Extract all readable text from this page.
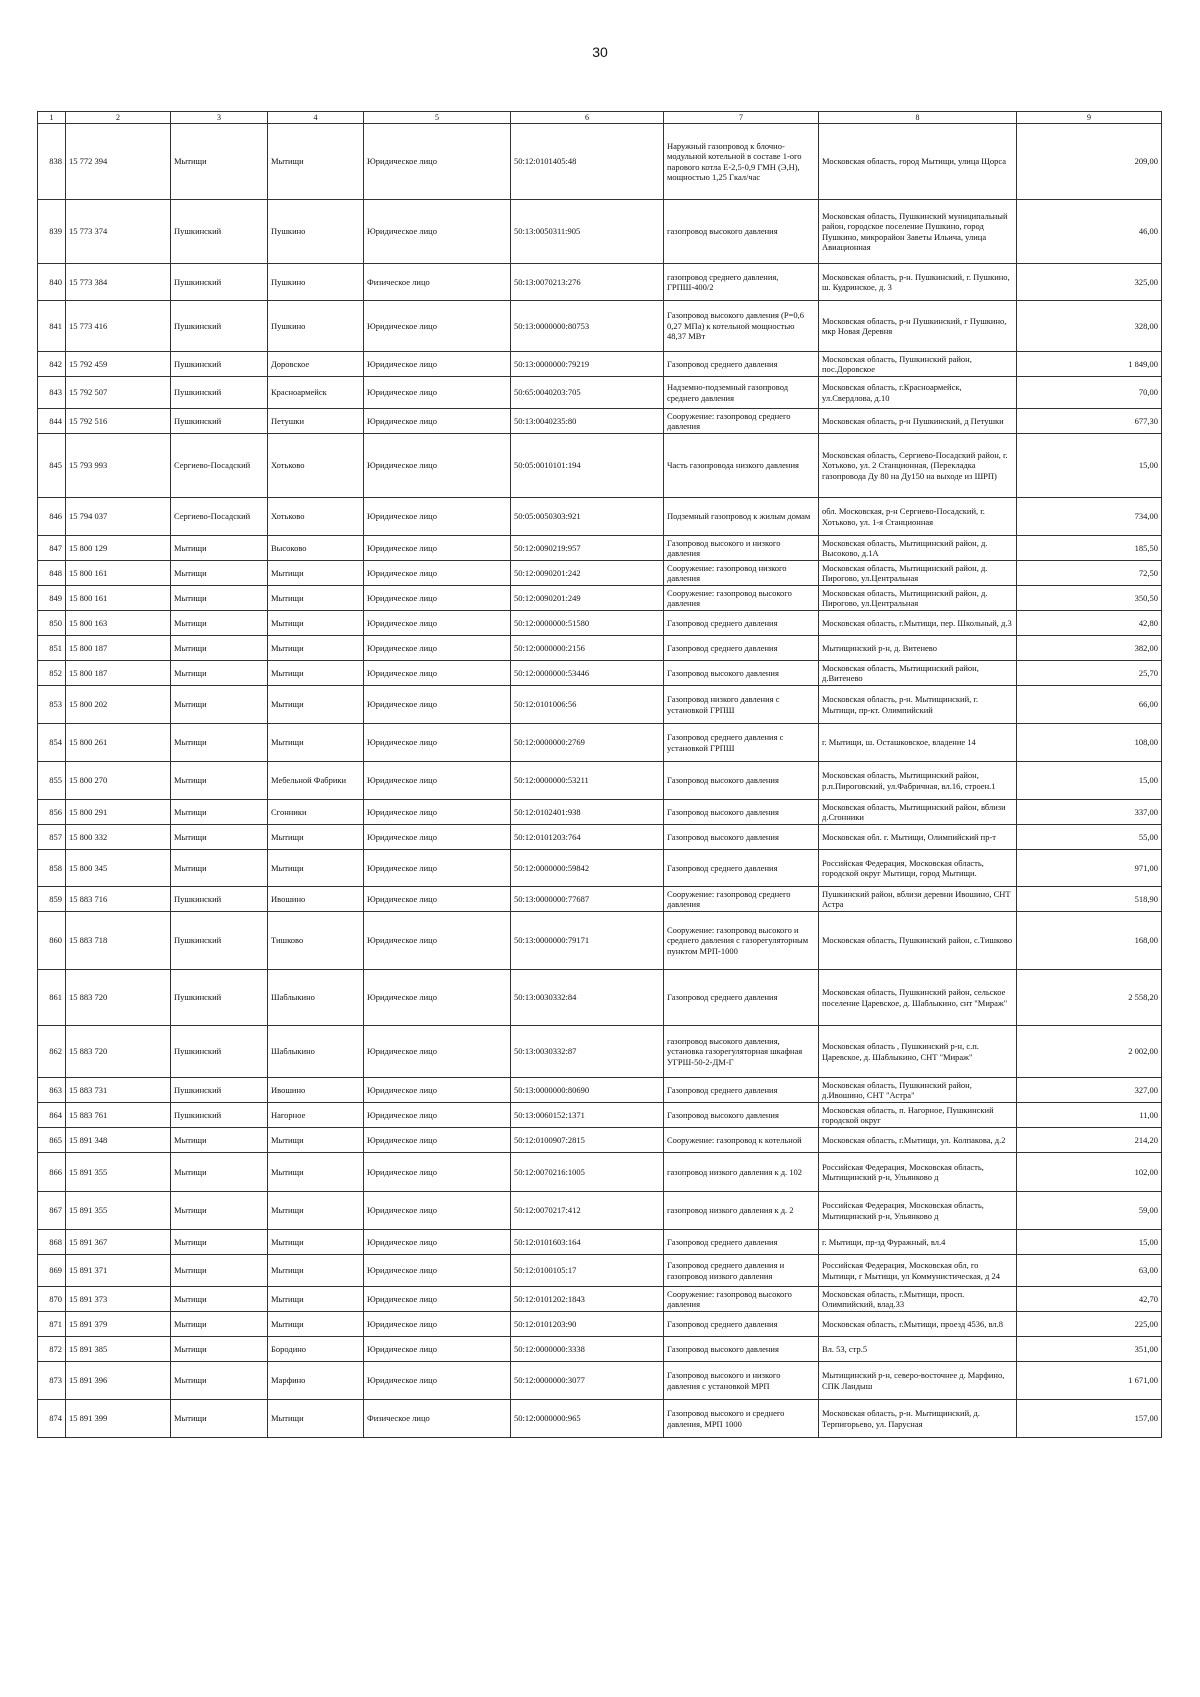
30
1	2	3	4	5	6	7	8	9
838	15 772 394	Мытищи	Мытищи	Юридическое лицо	50:12:0101405:48	Наружный газопровод к блочно-модульной котельной в составе 1-ого парового котла Е-2,5-0,9 ГМН (Э,Н), мощностью 1,25 Гкал/час	Московская область, город Мытищи, улица Щорса	209,00
839	15 773 374	Пушкинский	Пушкино	Юридическое лицо	50:13:0050311:905	газопровод высокого давления	Московская область, Пушкинский муниципальный район, городское поселение Пушкино, город Пушкино, микрорайон Заветы Ильича, улица Авиационная	46,00
840	15 773 384	Пушкинский	Пушкино	Физическое лицо	50:13:0070213:276	газопровод среднего давления, ГРПШ-400/2	Московская область, р-н. Пушкинский, г. Пушкино, ш. Кудринское, д. 3	325,00
841	15 773 416	Пушкинский	Пушкино	Юридическое лицо	50:13:0000000:80753	Газопровод высокого давления (Р=0,6 0,27 МПа) к котельной мощностью 48,37 МВт	Московская область, р-н Пушкинский, г Пушкино, мкр Новая Деревня	328,00
842	15 792 459	Пушкинский	Доровское	Юридическое лицо	50:13:0000000:79219	Газопровод среднего давления	Московская область, Пушкинский район, пос.Доровское	1 849,00
843	15 792 507	Пушкинский	Красноармейск	Юридическое лицо	50:65:0040203:705	Надземно-подземный газопровод среднего давления	Московская область, г.Красноармейск, ул.Свердлова, д.10	70,00
844	15 792 516	Пушкинский	Петушки	Юридическое лицо	50:13:0040235:80	Сооружение: газопровод среднего давления	Московская область, р-н Пушкинский, д Петушки	677,30
845	15 793 993	Сергиево-Посадский	Хотьково	Юридическое лицо	50:05:0010101:194	Часть газопровода низкого давления	Московская область, Сергиево-Посадский район, г. Хотьково, ул. 2 Станционная, (Перекладка газопровода Ду 80 на Ду150 на выходе из ШРП)	15,00
846	15 794 037	Сергиево-Посадский	Хотьково	Юридическое лицо	50:05:0050303:921	Подземный газопровод к жилым домам	обл. Московская, р-н Сергиево-Посадский, г. Хотьково, ул. 1-я Станционная	734,00
847	15 800 129	Мытищи	Высоково	Юридическое лицо	50:12:0090219:957	Газопровод высокого и низкого давления	Московская область, Мытищинский район, д. Высоково, д.1А	185,50
848	15 800 161	Мытищи	Мытищи	Юридическое лицо	50:12:0090201:242	Сооружение: газопровод низкого давления	Московская область, Мытищинский район, д. Пирогово, ул.Центральная	72,50
849	15 800 161	Мытищи	Мытищи	Юридическое лицо	50:12:0090201:249	Сооружение: газопровод высокого давления	Московская область, Мытищинский район, д. Пирогово, ул.Центральная	350,50
850	15 800 163	Мытищи	Мытищи	Юридическое лицо	50:12:0000000:51580	Газопровод среднего давления	Московская область, г.Мытищи, пер. Школьный, д.3	42,80
851	15 800 187	Мытищи	Мытищи	Юридическое лицо	50:12:0000000:2156	Газопровод среднего давления	Мытищинский р-н, д. Витенево	382,00
852	15 800 187	Мытищи	Мытищи	Юридическое лицо	50:12:0000000:53446	Газопровод высокого давления	Московская область, Мытищинский район, д.Витенево	25,70
853	15 800 202	Мытищи	Мытищи	Юридическое лицо	50:12:0101006:56	Газопровод низкого давления с установкой ГРПШ	Московская область, р-н. Мытищинский, г. Мытищи, пр-кт. Олимпийский	66,00
854	15 800 261	Мытищи	Мытищи	Юридическое лицо	50:12:0000000:2769	Газопровод среднего давления с установкой ГРПШ	г. Мытищи, ш. Осташковское, владение 14	108,00
855	15 800 270	Мытищи	Мебельной Фабрики	Юридическое лицо	50:12:0000000:53211	Газопровод высокого давления	Московская область, Мытищинский район, р.п.Пироговский, ул.Фабричная, вл.16, строен.1	15,00
856	15 800 291	Мытищи	Сгонники	Юридическое лицо	50:12:0102401:938	Газопровод высокого давления	Московская область, Мытищинский район, вблизи д.Сгонники	337,00
857	15 800 332	Мытищи	Мытищи	Юридическое лицо	50:12:0101203:764	Газопровод высокого давления	Московская обл. г. Мытищи, Олимпийский пр-т	55,00
858	15 800 345	Мытищи	Мытищи	Юридическое лицо	50:12:0000000:59842	Газопровод среднего давления	Российская Федерация, Московская область, городской округ Мытищи, город Мытищи.	971,00
859	15 883 716	Пушкинский	Ивошино	Юридическое лицо	50:13:0000000:77687	Сооружение: газопровод среднего давления	Пушкинский район, вблизи деревни Ивошино, СНТ Астра	518,90
860	15 883 718	Пушкинский	Тишково	Юридическое лицо	50:13:0000000:79171	Сооружение: газопровод высокого и среднего давления с газорегуляторным пунктом МРП-1000	Московская область, Пушкинский район, с.Тишково	168,00
861	15 883 720	Пушкинский	Шаблыкино	Юридическое лицо	50:13:0030332:84	Газопровод среднего давления	Московская область, Пушкинский район, сельское поселение Царевское, д. Шаблыкино, снт "Мираж"	2 558,20
862	15 883 720	Пушкинский	Шаблыкино	Юридическое лицо	50:13:0030332:87	газопровод высокого давления, установка газорегуляторная шкафная УГРШ-50-2-ДМ-Г	Московская область , Пушкинский р-н, с.п. Царевское, д. Шаблыкино, СНТ "Мираж"	2 002,00
863	15 883 731	Пушкинский	Ивошино	Юридическое лицо	50:13:0000000:80690	Газопровод среднего давления	Московская область, Пушкинский район, д.Ивошино, СНТ "Астра"	327,00
864	15 883 761	Пушкинский	Нагорное	Юридическое лицо	50:13:0060152:1371	Газопровод высокого давления	Московская область, п. Нагорное, Пушкинский городской округ	11,00
865	15 891 348	Мытищи	Мытищи	Юридическое лицо	50:12:0100907:2815	Сооружение: газопровод к котельной	Московская область, г.Мытищи, ул. Колпакова, д.2	214,20
866	15 891 355	Мытищи	Мытищи	Юридическое лицо	50:12:0070216:1005	газопровод низкого давления к д. 102	Российская Федерация, Московская область, Мытищинский р-н, Ульянково д	102,00
867	15 891 355	Мытищи	Мытищи	Юридическое лицо	50:12:0070217:412	газопровод низкого давления к д. 2	Российская Федерация, Московская область, Мытищинский р-н, Ульянково д	59,00
868	15 891 367	Мытищи	Мытищи	Юридическое лицо	50:12:0101603:164	Газопровод среднего давления	г. Мытищи, пр-зд Фуражный, вл.4	15,00
869	15 891 371	Мытищи	Мытищи	Юридическое лицо	50:12:0100105:17	Газопровод среднего давления и газопровод низкого давления	Российская Федерация, Московская обл, го Мытищи, г Мытищи, ул Коммунистическая, д 24	63,00
870	15 891 373	Мытищи	Мытищи	Юридическое лицо	50:12:0101202:1843	Сооружение: газопровод высокого давления	Московская область, г.Мытищи, просп. Олимпийский, влад.33	42,70
871	15 891 379	Мытищи	Мытищи	Юридическое лицо	50:12:0101203:90	Газопровод среднего давления	Московская область, г.Мытищи, проезд 4536, вл.8	225,00
872	15 891 385	Мытищи	Бородино	Юридическое лицо	50:12:0000000:3338	Газопровод высокого давления	Вл. 53, стр.5	351,00
873	15 891 396	Мытищи	Марфино	Юридическое лицо	50:12:0000000:3077	Газопровод высокого и низкого давления с установкой МРП	Мытищинский р-н, северо-восточнее д. Марфино, СПК Ландыш	1 671,00
874	15 891 399	Мытищи	Мытищи	Физическое лицо	50:12:0000000:965	Газопровод высокого и среднего давления, МРП 1000	Московская область, р-н. Мытищинский, д. Терпигорьево, ул. Парусная	157,00
